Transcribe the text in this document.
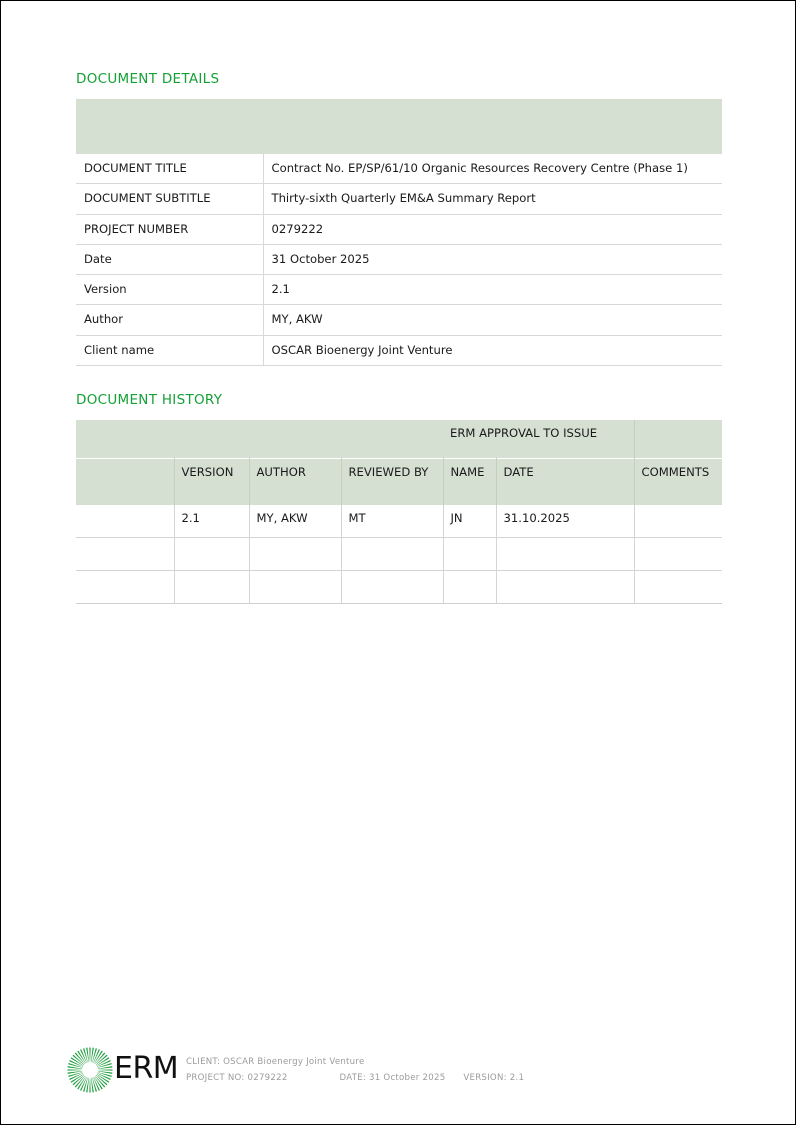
DOCUMENT DETAILS

DOCUMENT TITLE	Contract No. EP/SP/61/10 Organic Resources Recovery Centre (Phase 1)
DOCUMENT SUBTITLE	Thirty-sixth Quarterly EM&A Summary Report
PROJECT NUMBER	0279222
Date	31 October 2025
Version	2.1
Author	MY, AKW
Client name	OSCAR Bioenergy Joint Venture
DOCUMENT HISTORY
				ERM APPROVAL TO ISSUE		
	VERSION	AUTHOR	REVIEWED BY	NAME	DATE	COMMENTS
	2.1	MY, AKW	MT	JN	31.10.2025	

ERM CLIENT: OSCAR Bioenergy Joint Venture
PROJECT NO: 0279222	DATE: 31 October 2025 VERSION: 2.1
